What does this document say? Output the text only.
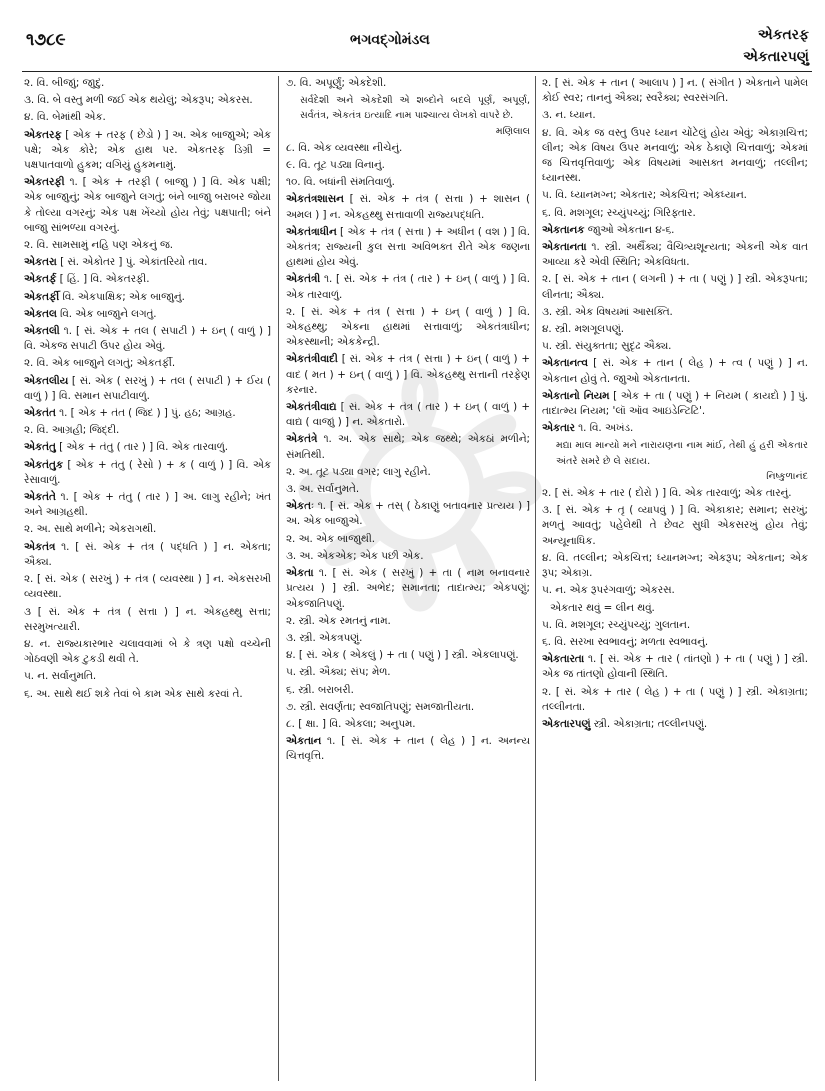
૧૭૮૯	ભગવદ્ગોમંડલ	એકતરફ
એકતારપણું

૨. વિ. બીજાું; જાુદું.

૩. વિ. બે વસ્તુ મળી જઈ એક થયેલું; એકરૂપ; એકરસ.

૪. વિ. બેમાંથી એક.

એકતરફ [ એક + તરફ ( છેડો ) ] અ. એક બાજાુએ; એક પક્ષે; એક કોરે; એક હાથ પર. એકતરફ ડિગ્રી = પક્ષપાતવાળો હુકમ; વગિયું હુકમનામું.

એકતરફી ૧. [ એક + તરફી ( બાજાુ ) ] વિ. એક પક્ષી; એક બાજાુનું; એક બાજાુને લગતું; બંને બાજાુ બરાબર જોયા કે તોલ્યા વગરનું; એક પક્ષ ખેંચ્યો હોય તેવું; પક્ષપાતી; બંને બાજાુ સાંભળ્યા વગરનું.

૨. વિ. સામસામું નહિ પણ એકનું જ.

એકતરા [ સં. એકોતર ] પું. એકાંતરિયો તાવ.

એકતર્ફ [ હિં. ] વિ. એકતરફી.

એકતર્ફી વિ. એકપાક્ષિક; એક બાજાુનું.

એકતલ વિ. એક બાજાુને લગતું.

એકતલી ૧. [ સં. એક + તલ ( સપાટી ) + ઇન્ ( વાળું ) ] વિ. એકજ સપાટી ઉપર હોય એવું.

૨. વિ. એક બાજાુને લગતું; એકતર્ફી.

એકતલીય [ સં. એક ( સરખું ) + તલ ( સપાટી ) + ઈય ( વાળું ) ] વિ. સમાન સપાટીવાળું.

એકતંત ૧. [ એક + તંત ( જિદ ) ] પું. હઠ; આગ્રહ.

૨. વિ. આગ્રહી; જિદ્દી.

એકતંતુ [ એક + તંતુ ( તાર ) ] વિ. એક તારવાળું.

એકતંતુક [ એક + તંતુ ( રેસો ) + ક ( વાળું ) ] વિ. એક રેસાવાળું.

એકતંતે ૧. [ એક + તંતુ ( તાર ) ] અ. લાગુ રહીને; ખંત અને આગ્રહથી.

૨. અ. સાથે મળીને; એકરાગથી.

એકતંત્ર ૧. [ સં. એક + તંત્ર ( પદ્ધતિ ) ] ન. એકતા; ઐક્ય.

૨. [ સં. એક ( સરખું ) + તંત્ર ( વ્યવસ્થા ) ] ન. એકસરખી વ્યવસ્થા.

૩ [ સં. એક + તંત્ર ( સત્તા ) ] ન. એકહથ્થુ સત્તા; સરમુખત્યારી.

૪. ન. રાજ્યકારભાર ચલાવવામાં બે કે ત્રણ પક્ષો વચ્ચેની ગોઠવણી એક ટુકડી થવી તે.

૫. ન. સર્વાનુમતિ.

૬. અ. સાથે થઈ શકે તેવાં બે કામ એક સાથે કરવાં તે.

૭. વિ. અપૂર્ણું; એકદેશી.

સર્વદેશી અને એકદેશી એ શબ્દોને બદલે પૂર્ણ, અપૂર્ણ, સર્વતંત્ર, એકતંત્ર ઇત્યાદિ નામ પાશ્ચાત્ય લેખકો વાપરે છે.

મણિલાલ

૮. વિ. એક વ્યવસ્થા નીચેનું.

૯. વિ. તૂટ પડ્યા વિનાનું.

૧૦. વિ. બધાંની સંમતિવાળું.

એકતંત્રશાસન [ સં. એક + તંત્ર ( સત્તા ) + શાસન ( અમલ ) ] ન. એકહથ્થુ સત્તાવાળી રાજ્યપદ્ધતિ.

એકતંત્રાધીન [ એક + તંત્ર ( સત્તા ) + અધીન ( વશ ) ] વિ. એકતંત્ર; રાજ્યની કુલ સત્તા અવિભક્ત રીતે એક જણના હાથમાં હોય એવું.

એકતંત્રી ૧. [ સં. એક + તંત્ર ( તાર ) + ઇન્ ( વાળું ) ] વિ. એક તારવાળું.

૨. [ સં. એક + તંત્ર ( સત્તા ) + ઇન્ ( વાળું ) ] વિ. એકહથ્થુ; એકના હાથમાં સત્તાવાળું; એકતંત્રાધીન; એકસ્થાની; એકકેન્દ્રી.

એકતંત્રીવાદી [ સં. એક + તંત્ર ( સત્તા ) + ઇન્ ( વાળું ) + વાદ ( મત ) + ઇન્ ( વાળું ) ] વિ. એકહથ્થુ સત્તાની તરફેણ કરનાર.

એકતંત્રીવાદ્ય [ સં. એક + તંત્ર ( તાર ) + ઇન્ ( વાળું ) + વાદ્ય ( વાજાું ) ] ન. એકતારો.

એકતંત્રે ૧. અ. એક સાથે; એક જથ્થે; એકઠાં મળીને; સંમતિથી.

૨. અ. તૂટ પડ્યા વગર; લાગુ રહીને.

૩. અ. સર્વાનુમતે.

એકતઃ ૧. [ સં. એક + તસ્ ( ઠેકાણું બતાવનાર પ્રત્યય ) ] અ. એક બાજાુએ.

૨. અ. એક બાજાુથી.

૩. અ. એકએક; એક પછી એક.

એકતા ૧. [ સં. એક ( સરખું ) + તા ( નામ બનાવનાર પ્રત્યય ) ] સ્ત્રી. અભેદ; સમાનતા; તાદાત્મ્ય; એકપણું; એકજાતિપણું.

૨. સ્ત્રી. એક રમતનું નામ.

૩. સ્ત્રી. એકત્રપણું.

૪. [ સં. એક ( એકલું ) + તા ( પણું ) ] સ્ત્રી. એકલાપણું.

૫. સ્ત્રી. ઐક્ય; સંપ; મેળ.

૬. સ્ત્રી. બરાબરી.

૭. સ્ત્રી. સવર્ણતા; સ્વજાતિપણું; સમજાતીયતા.

૮. [ ક્ષા. ] વિ. એકલા; અનુપમ.

એકતાન ૧. [ સં. એક + તાન ( લેહ ) ] ન. અનન્ય ચિત્તવૃત્તિ.

૨. [ સં. એક + તાન ( આલાપ ) ] ન. ( સંગીત ) એકતાને પામેલ કોઈ સ્વર; તાનનું ઐક્ય; સ્વરૈક્ય; સ્વરસંગતિ.

૩. ન. ધ્યાન.

૪. વિ. એક જ વસ્તુ ઉપર ધ્યાન ચોંટેલું હોય એવું; એકાગ્રચિત્ત; લીન; એક વિષય ઉપર મનવાળું; એક ઠેકાણે ચિત્તવાળું; એકમાં જ ચિત્તવૃત્તિવાળું; એક વિષયમાં આસક્ત મનવાળું; તલ્લીન; ધ્યાનસ્થ.

૫. વિ. ધ્યાનમગ્ન; એકતાર; એકચિત્ત; એકધ્યાન.

૬. વિ. મશગૂલ; રચ્યુંપચ્યું; ગિરિફ્તાર.

એકતાનક જાુઓ એકતાન ૪-૬.

એકતાનતા ૧. સ્ત્રી. અર્થૈક્ય; વૈચિત્ર્યશૂન્યતા; એકની એક વાત આવ્યા કરે એવી સ્થિતિ; એકવિધતા.

૨. [ સં. એક + તાન ( લગની ) + તા ( પણું ) ] સ્ત્રી. એકરૂપતા; લીનતા; ઐક્ય.

૩. સ્ત્રી. એક વિષયમાં આસક્તિ.

૪. સ્ત્રી. મશગૂલપણું.

૫. સ્ત્રી. સંયુક્તતા; સુદૃઢ ઐક્ય.

એકતાનત્વ [ સં. એક + તાન ( લેહ ) + ત્વ ( પણું ) ] ન. એકતાન હોવું તે. જાુઓ એકતાનતા.

એકતાનો નિયમ [ એક + તા ( પણું ) + નિયમ ( કાયદો ) ] પું. તાદાત્મ્ય નિયમ; 'લૉ ઑવ આઇડેન્ટિટિ'.

એકતાર ૧. વિ. અખંડ.

મદ્યા માલ માન્યો મને નારાયણના નામ માંઈ, તેથી હું હરી એકતાર અંતરે સમરે છે લે સદાય.

નિષ્કુળાનંદ

૨. [ સં. એક + તાર ( દોરો ) ] વિ. એક તારવાળું; એક તારનું.

૩. [ સં. એક + તૃ ( વ્યાપવું ) ] વિ. એકાકાર; સમાન; સરખું; મળતું આવતું; પહેલેથી તે છેવટ સુધી એકસરખું હોય તેવું; અન્યૂનાધિક.

૪. વિ. તલ્લીન; એકચિત્ત; ધ્યાનમગ્ન; એકરૂપ; એકતાન; એક રૂપ; એકાગ્ર.

૫. ન. એક રૂપરંગવાળું; એકરસ.

એકતાર થવું = લીન થવું.

૫. વિ. મશગૂલ; રચ્યુંપચ્યું; ગુલતાન.

૬. વિ. સરખા સ્વભાવનું; મળતા સ્વભાવનું.

એકતારતા ૧. [ સં. એક + તાર ( તાંતણો ) + તા ( પણું ) ] સ્ત્રી. એક જ તાંતણો હોવાની સ્થિતિ.

૨. [ સં. એક + તાર ( લેહ ) + તા ( પણું ) ] સ્ત્રી. એકાગ્રતા; તલ્લીનતા.

એકતારપણું સ્ત્રી. એકાગ્રતા; તલ્લીનપણું.
